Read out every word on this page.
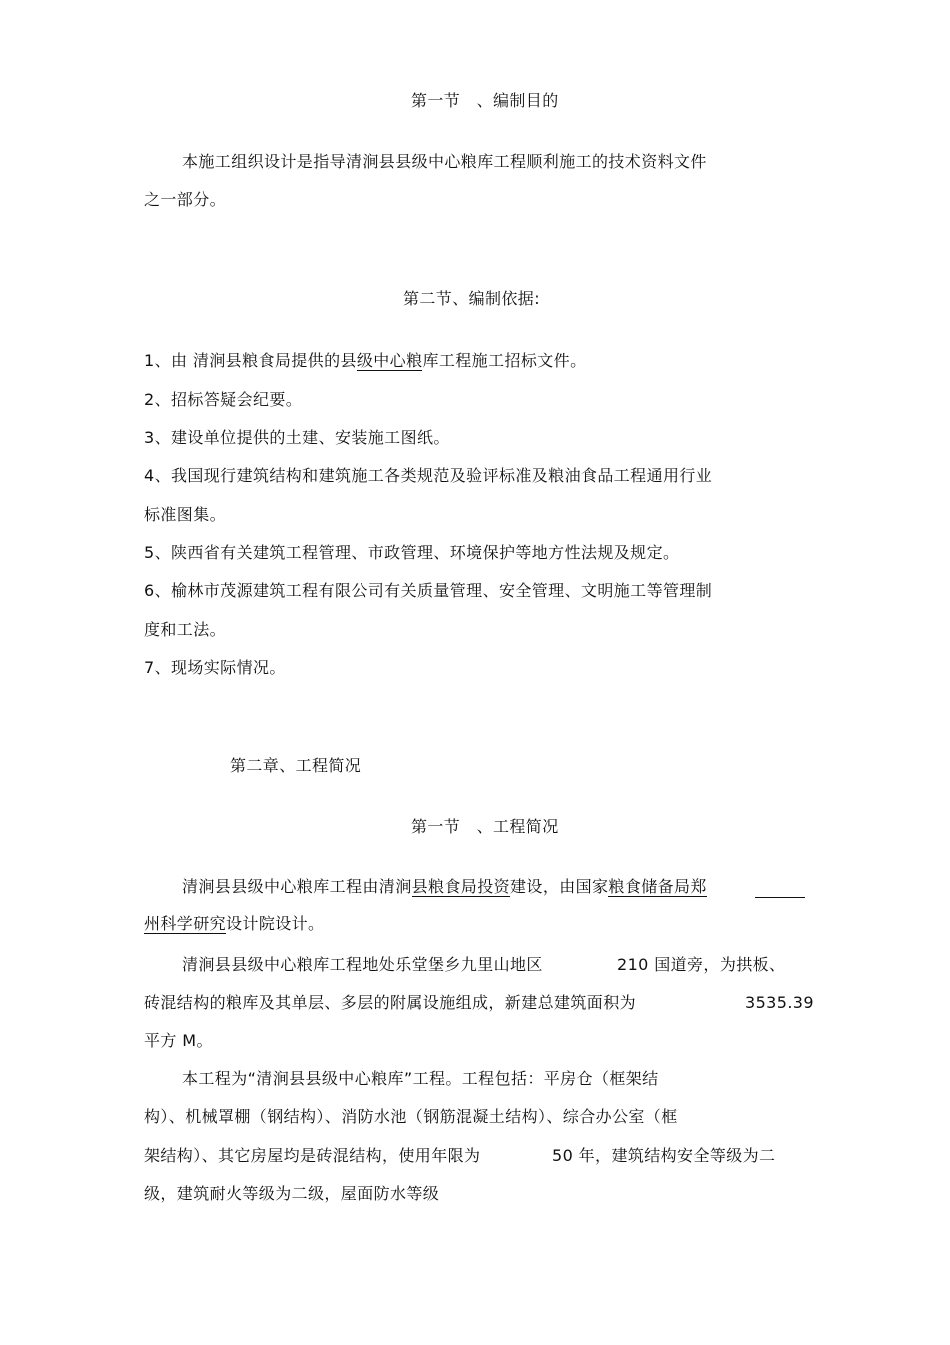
第一节　、编制目的
本施工组织设计是指导清涧县县级中心粮库工程顺利施工的技术资料文件
之一部分。
第二节、编制依据:
1、由 清涧县粮食局提供的县级中心粮库工程施工招标文件。
2、招标答疑会纪要。
3、建设单位提供的土建、安装施工图纸。
4、我国现行建筑结构和建筑施工各类规范及验评标准及粮油食品工程通用行业
标准图集。
5、陕西省有关建筑工程管理、市政管理、环境保护等地方性法规及规定。
6、榆林市茂源建筑工程有限公司有关质量管理、安全管理、文明施工等管理制
度和工法。
7、现场实际情况。
第二章、工程简况
第一节　、工程简况
清涧县县级中心粮库工程由清涧县粮食局投资建设，由国家粮食储备局郑
州科学研究设计院设计。
清涧县县级中心粮库工程地处乐堂堡乡九里山地区	210 国道旁，为拱板、
砖混结构的粮库及其单层、多层的附属设施组成，新建总建筑面积为	3535.39
平方 M。
本工程为“清涧县县级中心粮库”工程。工程包括：平房仓（框架结
构）、机械罩棚（钢结构）、消防水池（钢筋混凝土结构）、综合办公室（框
架结构）、其它房屋均是砖混结构，使用年限为	50 年，建筑结构安全等级为二
级，建筑耐火等级为二级，屋面防水等级
